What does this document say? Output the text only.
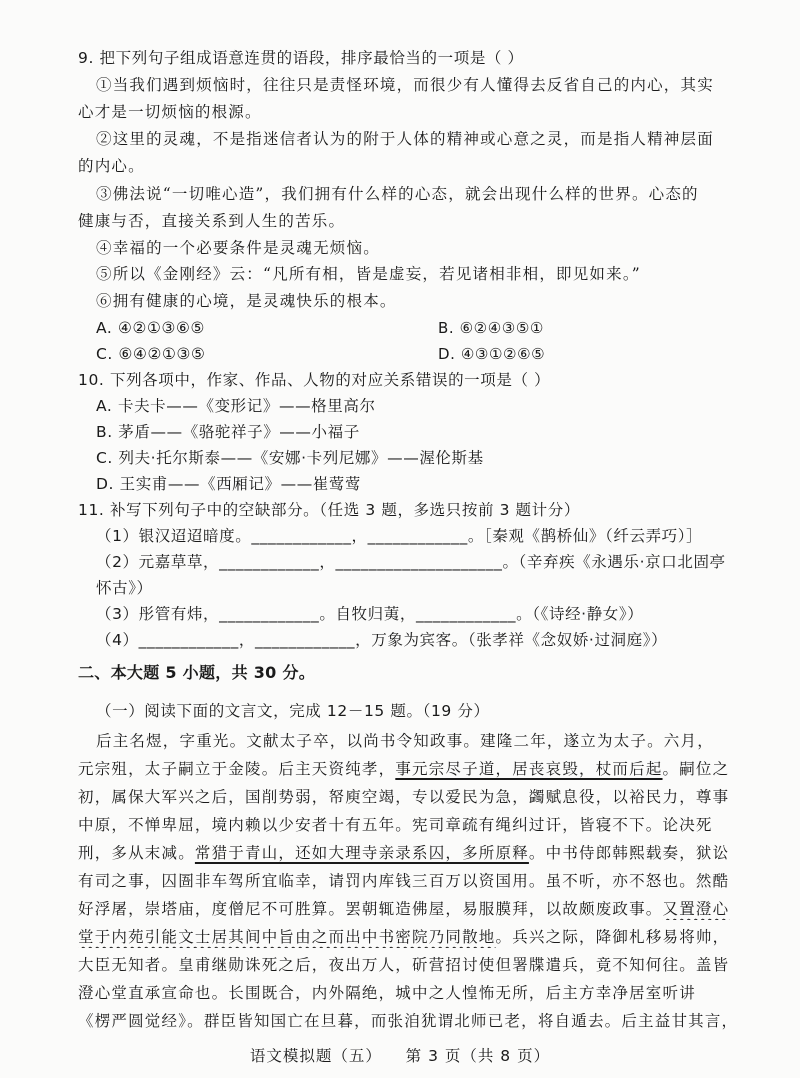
9. 把下列句子组成语意连贯的语段，排序最恰当的一项是（ ）
①当我们遇到烦恼时，往往只是责怪环境，而很少有人懂得去反省自己的内心，其实
心才是一切烦恼的根源。
②这里的灵魂，不是指迷信者认为的附于人体的精神或心意之灵，而是指人精神层面
的内心。
③佛法说“一切唯心造”，我们拥有什么样的心态，就会出现什么样的世界。心态的
健康与否，直接关系到人生的苦乐。
④幸福的一个必要条件是灵魂无烦恼。
⑤所以《金刚经》云：“凡所有相，皆是虚妄，若见诸相非相，即见如来。”
⑥拥有健康的心境，是灵魂快乐的根本。
A. ④②①③⑥⑤	B. ⑥②④③⑤①
C. ⑥④②①③⑤	D. ④③①②⑥⑤
10. 下列各项中，作家、作品、人物的对应关系错误的一项是（ ）
A. 卡夫卡——《变形记》——格里高尔
B. 茅盾——《骆驼祥子》——小福子
C. 列夫·托尔斯泰——《安娜·卡列尼娜》——渥伦斯基
D. 王实甫——《西厢记》——崔莺莺
11. 补写下列句子中的空缺部分。（任选 3 题，多选只按前 3 题计分）
（1）银汉迢迢暗度。____________，____________。［秦观《鹊桥仙》（纤云弄巧）］
（2）元嘉草草，____________，____________________。（辛弃疾《永遇乐·京口北固亭
怀古》）
（3）彤管有炜，____________。自牧归荑，____________。（《诗经·静女》）
（4）____________，____________，万象为宾客。（张孝祥《念奴娇·过洞庭》）
二、本大题 5 小题，共 30 分。
（一）阅读下面的文言文，完成 12－15 题。（19 分）
后主名煜，字重光。文献太子卒，以尚书令知政事。建隆二年，遂立为太子。六月，
元宗殂，太子嗣立于金陵。后主天资纯孝，事元宗尽子道，居丧哀毁，杖而后起。嗣位之
初，属保大军兴之后，国削势弱，帑庾空竭，专以爱民为急，蠲赋息役，以裕民力，尊事
中原，不惮卑屈，境内赖以少安者十有五年。宪司章疏有绳纠过讦，皆寝不下。论决死
刑，多从末减。常猎于青山，还如大理寺亲录系囚，多所原释。中书侍郎韩熙载奏，狱讼
有司之事，囚圄非车驾所宜临幸，请罚内库钱三百万以资国用。虽不听，亦不怒也。然酷
好浮屠，崇塔庙，度僧尼不可胜算。罢朝辄造佛屋，易服膜拜，以故颇废政事。又置澄心
堂于内苑引能文士居其间中旨由之而出中书密院乃同散地。兵兴之际，降御札移易将帅，
大臣无知者。皇甫继勋诛死之后，夜出万人，斫营招讨使但署牒遣兵，竟不知何往。盖皆
澄心堂直承宣命也。长围既合，内外隔绝，城中之人惶怖无所，后主方幸净居室听讲
《楞严圆觉经》。群臣皆知国亡在旦暮，而张洎犹谓北师已老，将自遁去。后主益甘其言，
语文模拟题（五） 第 3 页（共 8 页）
